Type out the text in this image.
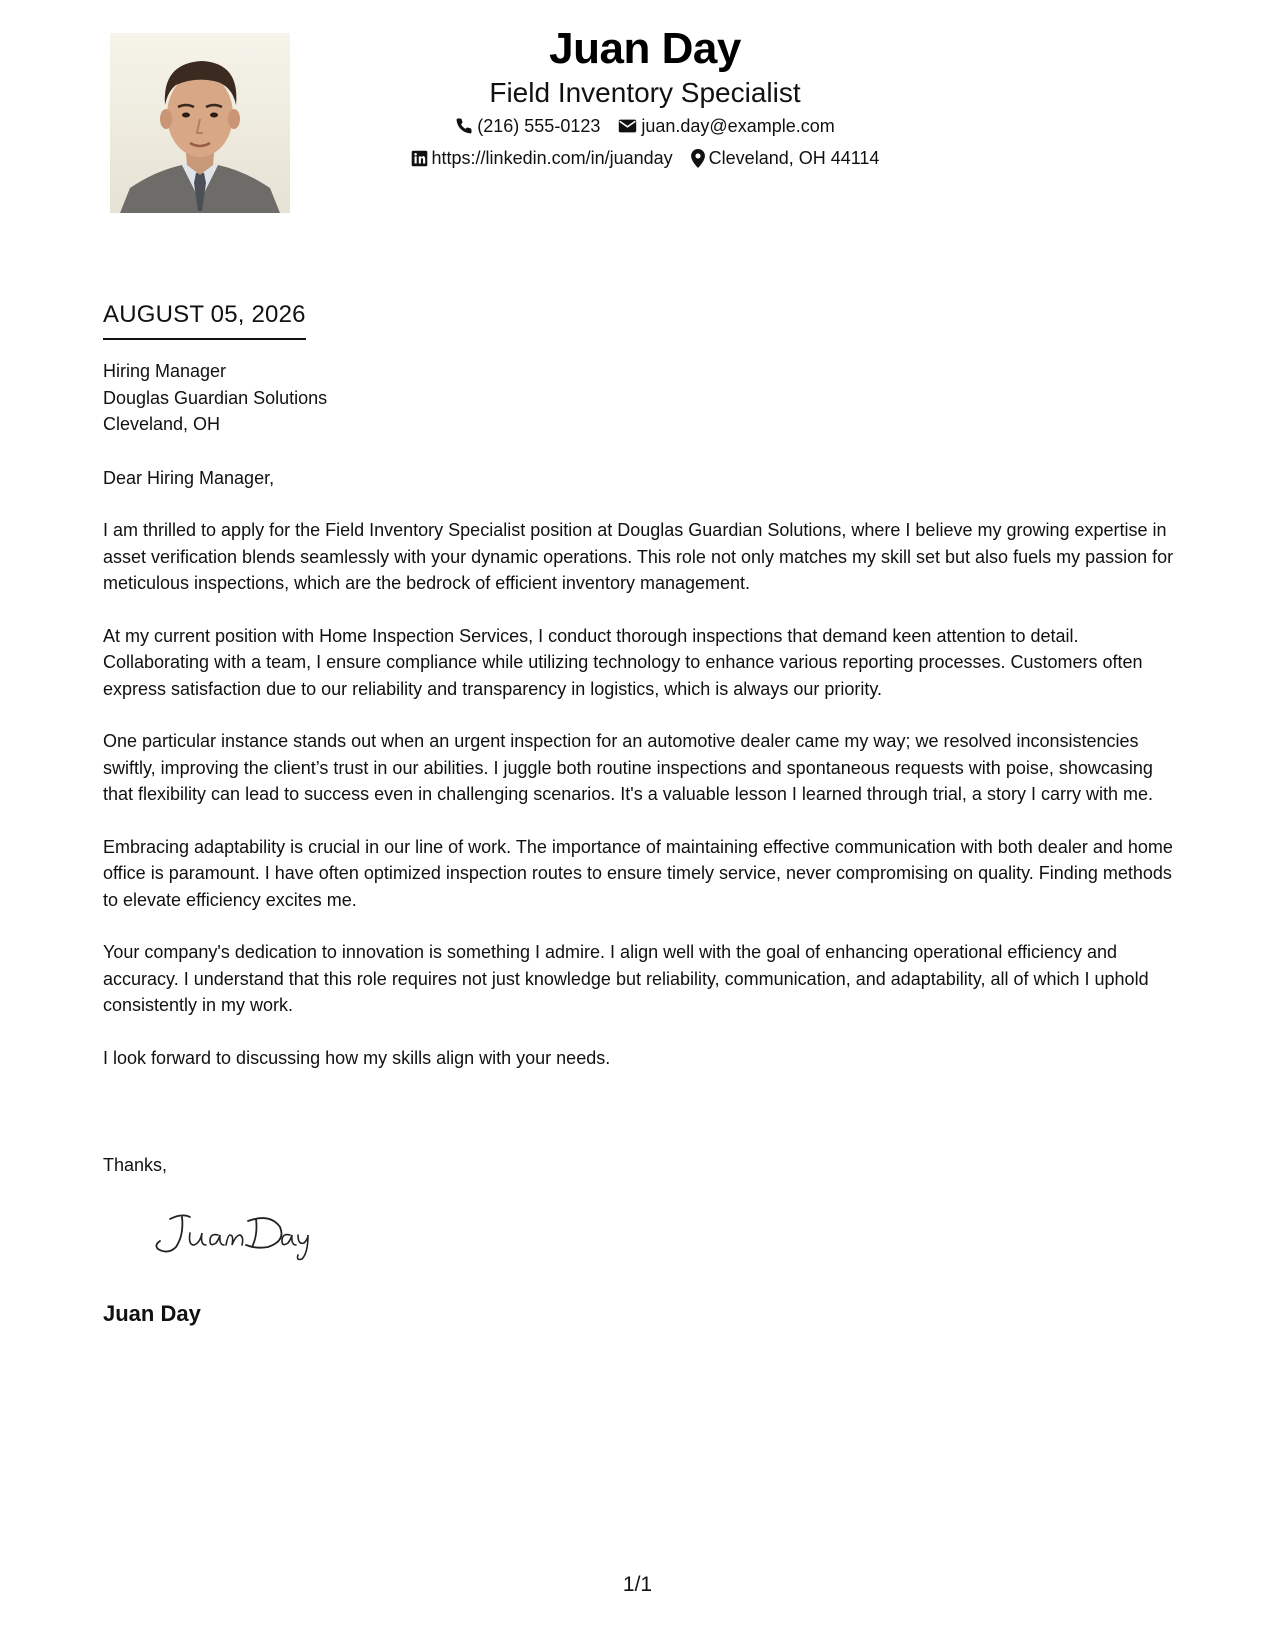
Juan Day
Field Inventory Specialist
(216) 555-0123 juan.day@example.com
https://linkedin.com/in/juanday Cleveland, OH 44114
AUGUST 05, 2026
Hiring Manager
Douglas Guardian Solutions
Cleveland, OH
Dear Hiring Manager,
I am thrilled to apply for the Field Inventory Specialist position at Douglas Guardian Solutions, where I believe my growing expertise in asset verification blends seamlessly with your dynamic operations. This role not only matches my skill set but also fuels my passion for meticulous inspections, which are the bedrock of efficient inventory management.
At my current position with Home Inspection Services, I conduct thorough inspections that demand keen attention to detail. Collaborating with a team, I ensure compliance while utilizing technology to enhance various reporting processes. Customers often express satisfaction due to our reliability and transparency in logistics, which is always our priority.
One particular instance stands out when an urgent inspection for an automotive dealer came my way; we resolved inconsistencies swiftly, improving the client’s trust in our abilities. I juggle both routine inspections and spontaneous requests with poise, showcasing that flexibility can lead to success even in challenging scenarios. It's a valuable lesson I learned through trial, a story I carry with me.
Embracing adaptability is crucial in our line of work. The importance of maintaining effective communication with both dealer and home office is paramount. I have often optimized inspection routes to ensure timely service, never compromising on quality. Finding methods to elevate efficiency excites me.
Your company's dedication to innovation is something I admire. I align well with the goal of enhancing operational efficiency and accuracy. I understand that this role requires not just knowledge but reliability, communication, and adaptability, all of which I uphold consistently in my work.
I look forward to discussing how my skills align with your needs.
Thanks,
Juan Day
1/1
